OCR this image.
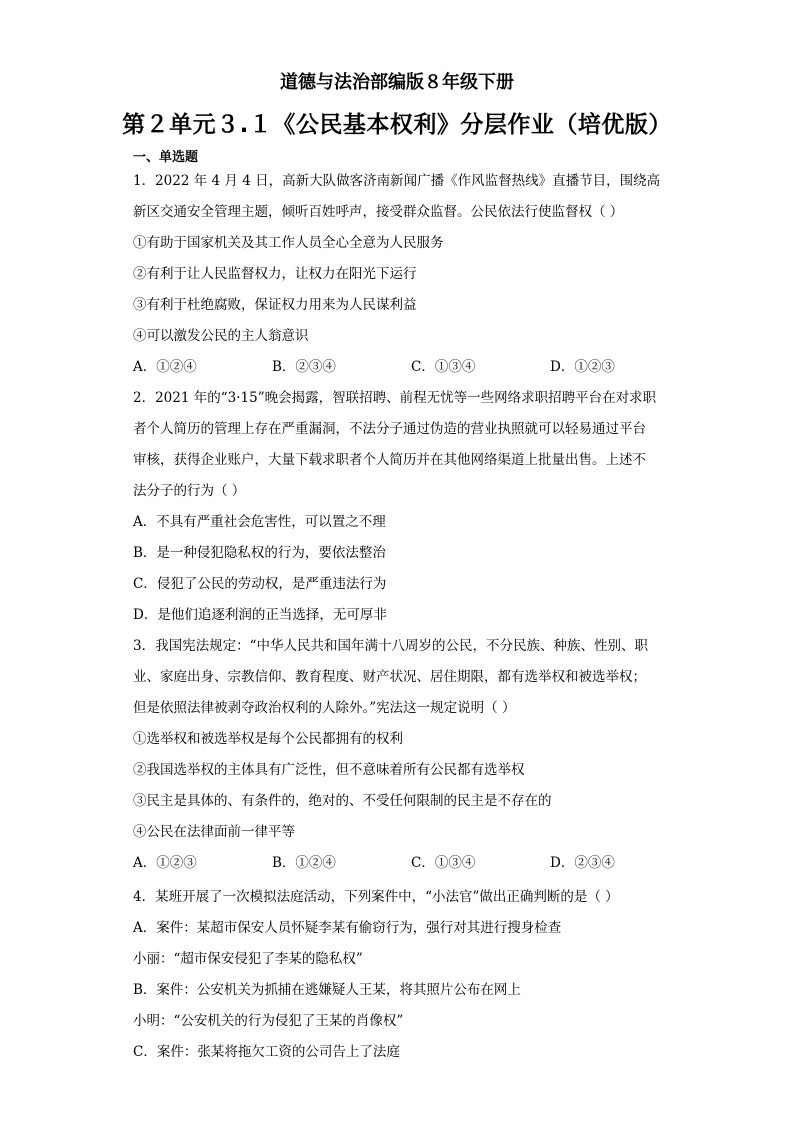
道德与法治部编版８年级下册
第２单元３.１《公民基本权利》分层作业（培优版）
一、单选题
1．2022 年 4 月 4 日，高新大队做客济南新闻广播《作风监督热线》直播节目，围绕高
新区交通安全管理主题，倾听百姓呼声，接受群众监督。公民依法行使监督权（ ）
①有助于国家机关及其工作人员全心全意为人民服务
②有利于让人民监督权力，让权力在阳光下运行
③有利于杜绝腐败，保证权力用来为人民谋利益
④可以激发公民的主人翁意识
A．①②④	B．②③④	C．①③④	D．①②③
2．2021 年的“3·15”晚会揭露，智联招聘、前程无忧等一些网络求职招聘平台在对求职
者个人简历的管理上存在严重漏洞，不法分子通过伪造的营业执照就可以轻易通过平台
审核，获得企业账户，大量下载求职者个人简历并在其他网络渠道上批量出售。上述不
法分子的行为（ ）
A．不具有严重社会危害性，可以置之不理
B．是一种侵犯隐私权的行为，要依法整治
C．侵犯了公民的劳动权，是严重违法行为
D．是他们追逐利润的正当选择，无可厚非
3．我国宪法规定：“中华人民共和国年满十八周岁的公民，不分民族、种族、性别、职
业、家庭出身、宗教信仰、教育程度、财产状况、居住期限，都有选举权和被选举权；
但是依照法律被剥夺政治权利的人除外。”宪法这一规定说明（ ）
①选举权和被选举权是每个公民都拥有的权利
②我国选举权的主体具有广泛性，但不意味着所有公民都有选举权
③民主是具体的、有条件的，绝对的、不受任何限制的民主是不存在的
④公民在法律面前一律平等
A．①②③	B．①②④	C．①③④	D．②③④
4．某班开展了一次模拟法庭活动，下列案件中，“小法官”做出正确判断的是（ ）
A．案件：某超市保安人员怀疑李某有偷窃行为，强行对其进行搜身检查
小丽：“超市保安侵犯了李某的隐私权”
B．案件：公安机关为抓捕在逃嫌疑人王某，将其照片公布在网上
小明：“公安机关的行为侵犯了王某的肖像权”
C．案件：张某将拖欠工资的公司告上了法庭
